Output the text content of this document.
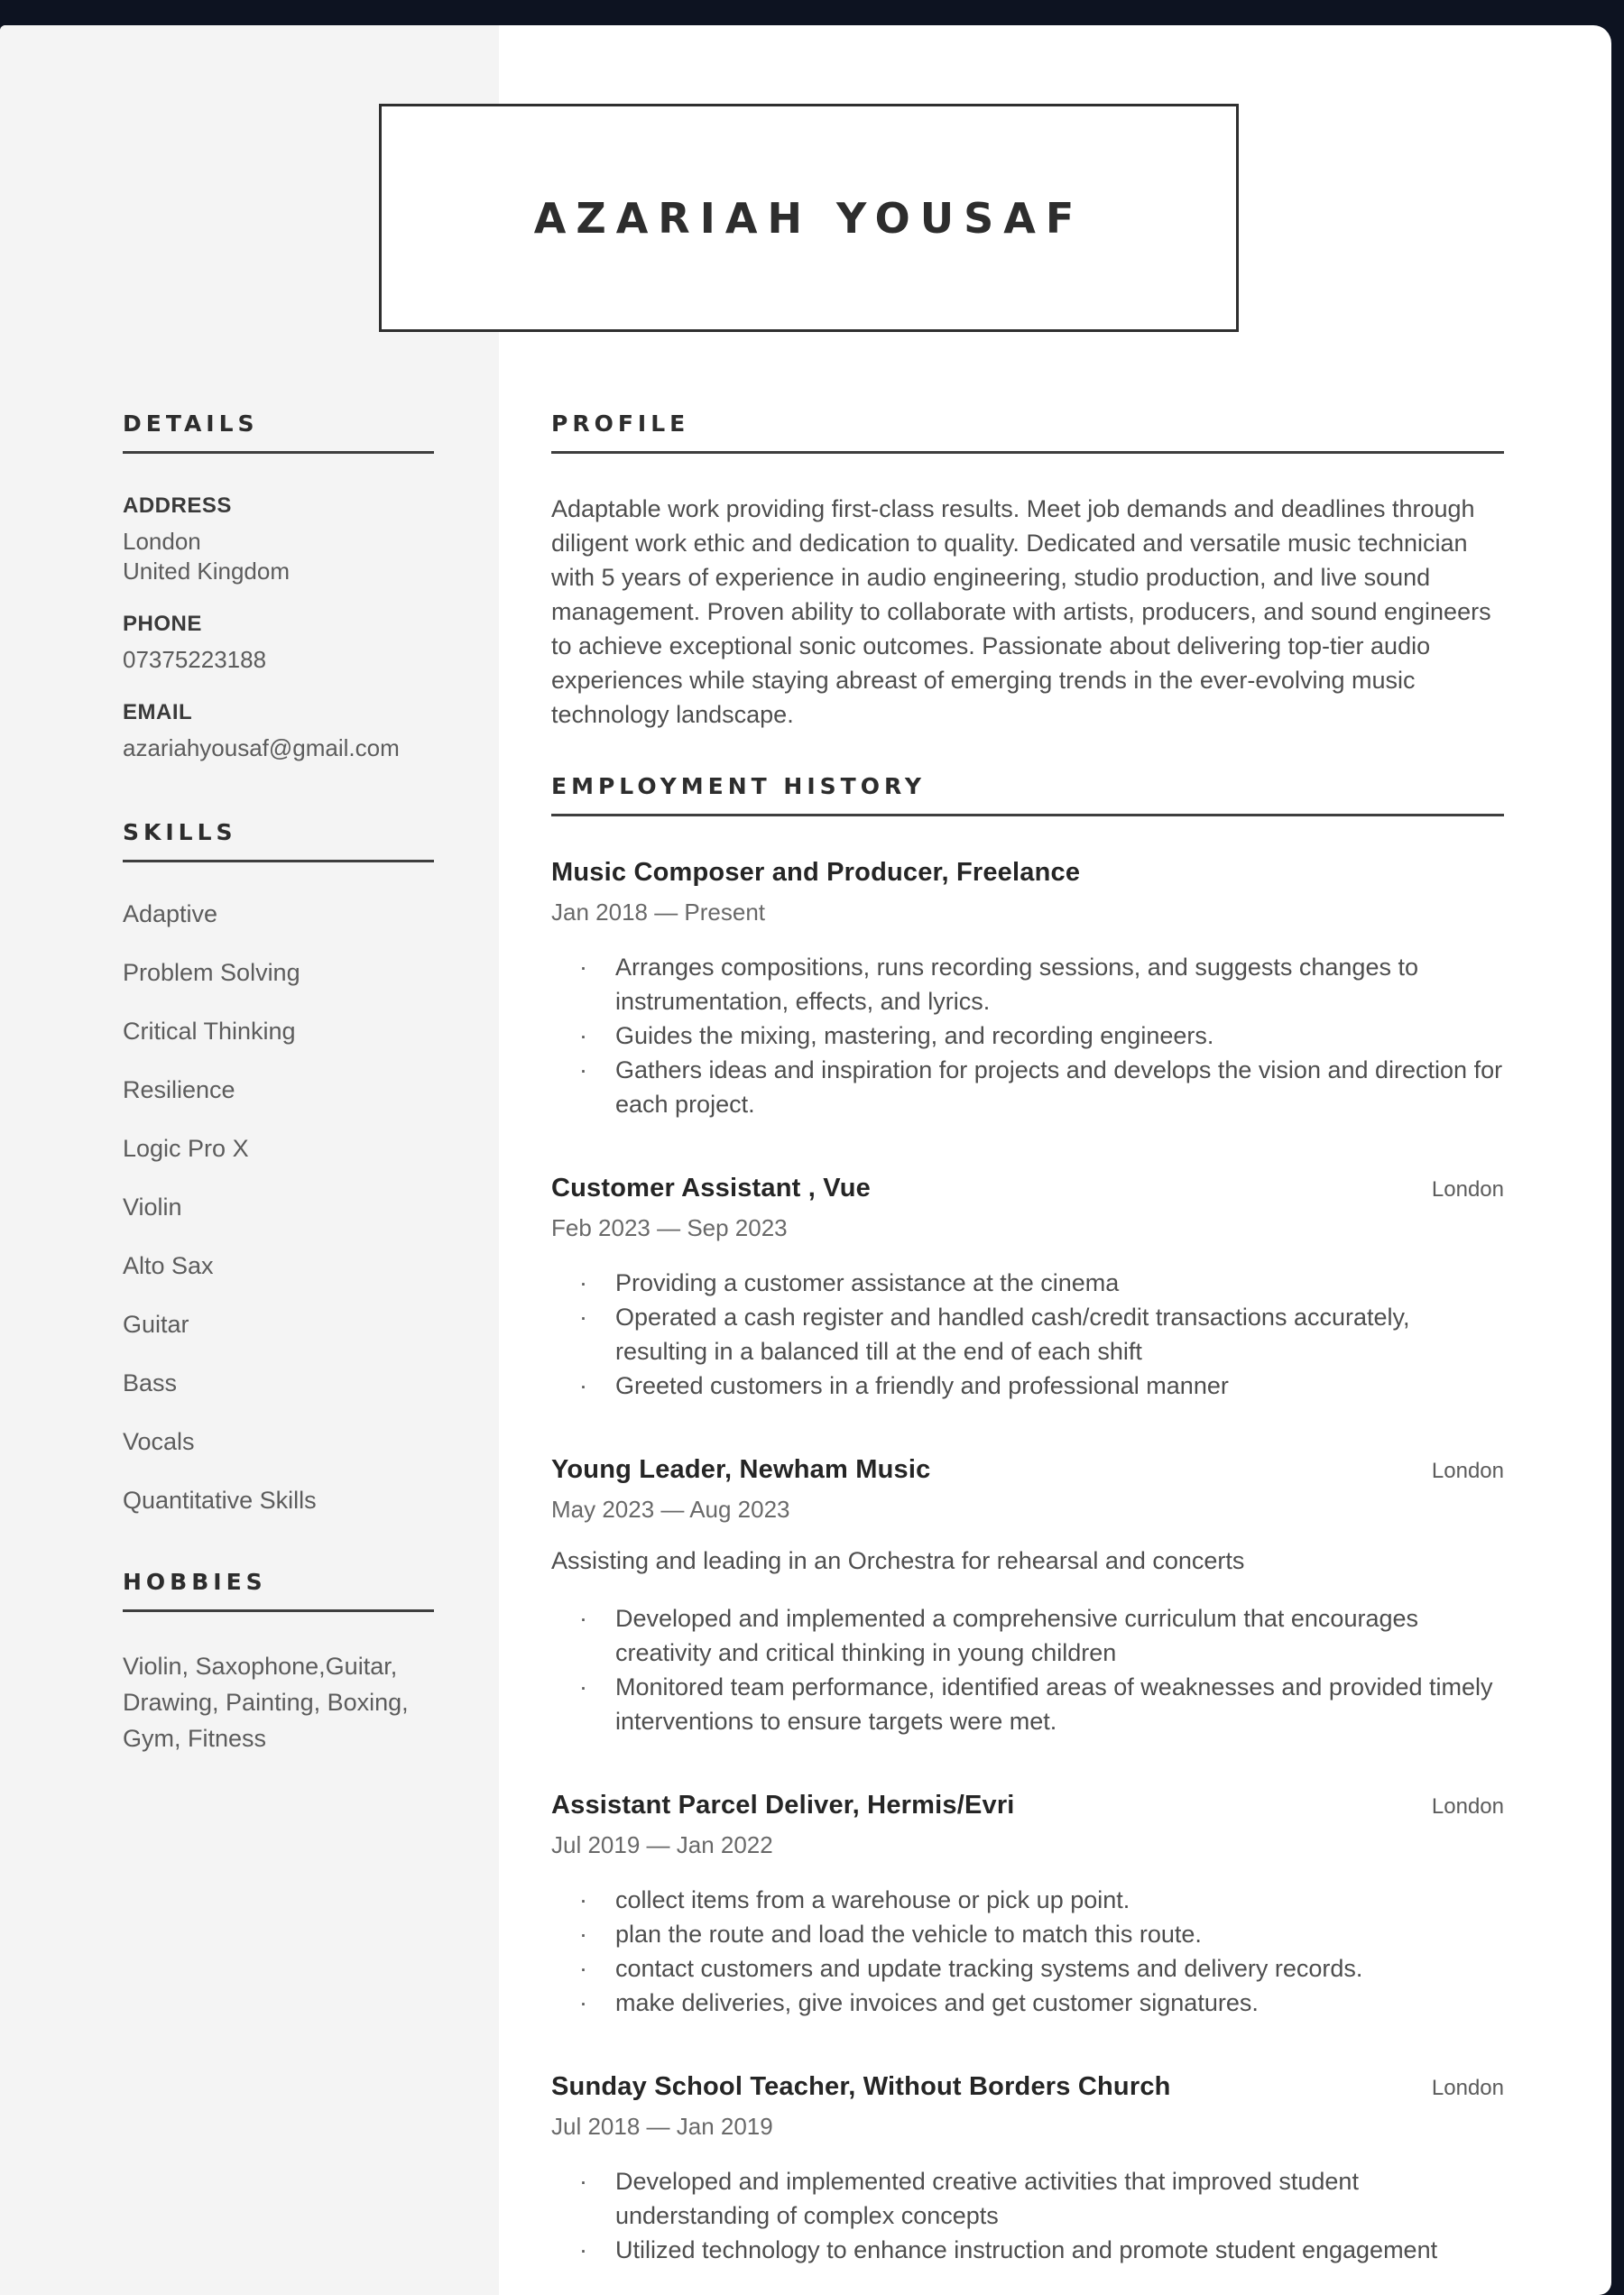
DETAILS
ADDRESS
London
United Kingdom
PHONE
07375223188
EMAIL
azariahyousaf@gmail.com
SKILLS
Adaptive
Problem Solving
Critical Thinking
Resilience
Logic Pro X
Violin
Alto Sax
Guitar
Bass
Vocals
Quantitative Skills
HOBBIES
Violin, Saxophone,Guitar, Drawing, Painting, Boxing, Gym, Fitness
PROFILE
Adaptable work providing first-class results. Meet job demands and deadlines through diligent work ethic and dedication to quality. Dedicated and versatile music technician with 5 years of experience in audio engineering, studio production, and live sound management. Proven ability to collaborate with artists, producers, and sound engineers to achieve exceptional sonic outcomes. Passionate about delivering top-tier audio experiences while staying abreast of emerging trends in the ever-evolving music technology landscape.
EMPLOYMENT HISTORY
Music Composer and Producer, Freelance
Jan 2018 — Present
·	Arranges compositions, runs recording sessions, and suggests changes to instrumentation, effects, and lyrics.
·	Guides the mixing, mastering, and recording engineers.
·	Gathers ideas and inspiration for projects and develops the vision and direction for each project.
Customer Assistant , Vue	London
Feb 2023 — Sep 2023
·	Providing a customer assistance at the cinema
·	Operated a cash register and handled cash/credit transactions accurately, resulting in a balanced till at the end of each shift
·	Greeted customers in a friendly and professional manner
Young Leader, Newham Music	London
May 2023 — Aug 2023
Assisting and leading in an Orchestra for rehearsal and concerts
·	Developed and implemented a comprehensive curriculum that encourages creativity and critical thinking in young children
·	Monitored team performance, identified areas of weaknesses and provided timely interventions to ensure targets were met.
Assistant Parcel Deliver, Hermis/Evri	London
Jul 2019 — Jan 2022
·	collect items from a warehouse or pick up point.
·	plan the route and load the vehicle to match this route.
·	contact customers and update tracking systems and delivery records.
·	make deliveries, give invoices and get customer signatures.
Sunday School Teacher, Without Borders Church	London
Jul 2018 — Jan 2019
·	Developed and implemented creative activities that improved student understanding of complex concepts
·	Utilized technology to enhance instruction and promote student engagement
AZARIAH YOUSAF
